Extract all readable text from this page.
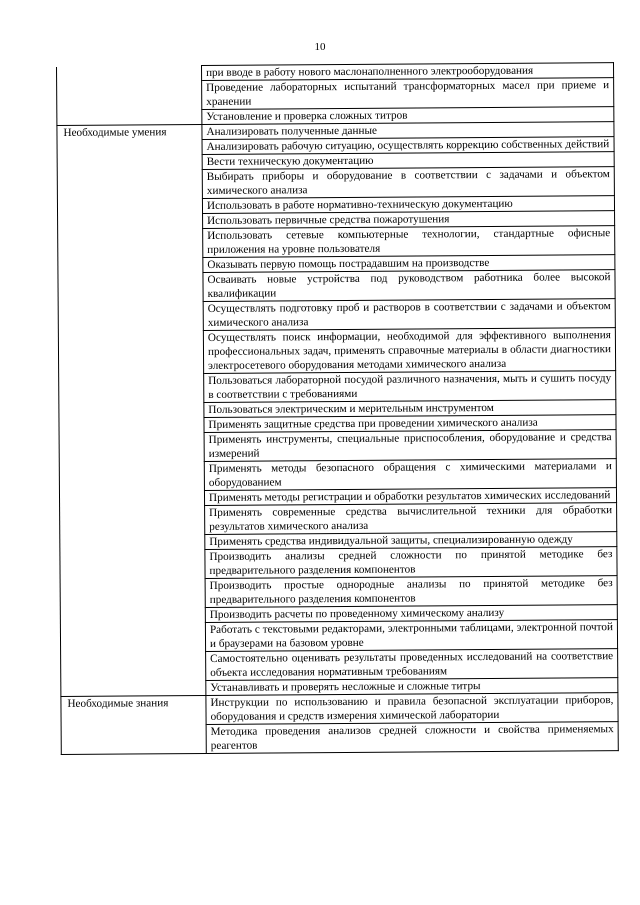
10
	при вводе в работу нового маслонаполненного электрооборудования
	Проведение лабораторных испытаний трансформаторных масел при приеме и хранении
	Установление и проверка сложных титров
Необходимые умения	Анализировать полученные данные
	Анализировать рабочую ситуацию, осуществлять коррекцию собственных действий
	Вести техническую документацию
	Выбирать приборы и оборудование в соответствии с задачами и объектом химического анализа
	Использовать в работе нормативно-техническую документацию
	Использовать первичные средства пожаротушения
	Использовать сетевые компьютерные технологии, стандартные офисные приложения на уровне пользователя
	Оказывать первую помощь пострадавшим на производстве
	Осваивать новые устройства под руководством работника более высокой квалификации
	Осуществлять подготовку проб и растворов в соответствии с задачами и объектом химического анализа
	Осуществлять поиск информации, необходимой для эффективного выполнения профессиональных задач, применять справочные материалы в области диагностики электросетевого оборудования методами химического анализа
	Пользоваться лабораторной посудой различного назначения, мыть и сушить посуду в соответствии с требованиями
	Пользоваться электрическим и мерительным инструментом
	Применять защитные средства при проведении химического анализа
	Применять инструменты, специальные приспособления, оборудование и средства измерений
	Применять методы безопасного обращения с химическими материалами и оборудованием
	Применять методы регистрации и обработки результатов химических исследований
	Применять современные средства вычислительной техники для обработки результатов химического анализа
	Применять средства индивидуальной защиты, специализированную одежду
	Производить анализы средней сложности по принятой методике без предварительного разделения компонентов
	Производить простые однородные анализы по принятой методике без предварительного разделения компонентов
	Производить расчеты по проведенному химическому анализу
	Работать с текстовыми редакторами, электронными таблицами, электронной почтой и браузерами на базовом уровне
	Самостоятельно оценивать результаты проведенных исследований на соответствие объекта исследования нормативным требованиям
	Устанавливать и проверять несложные и сложные титры
Необходимые знания	Инструкции по использованию и правила безопасной эксплуатации приборов, оборудования и средств измерения химической лаборатории
	Методика проведения анализов средней сложности и свойства применяемых реагентов
